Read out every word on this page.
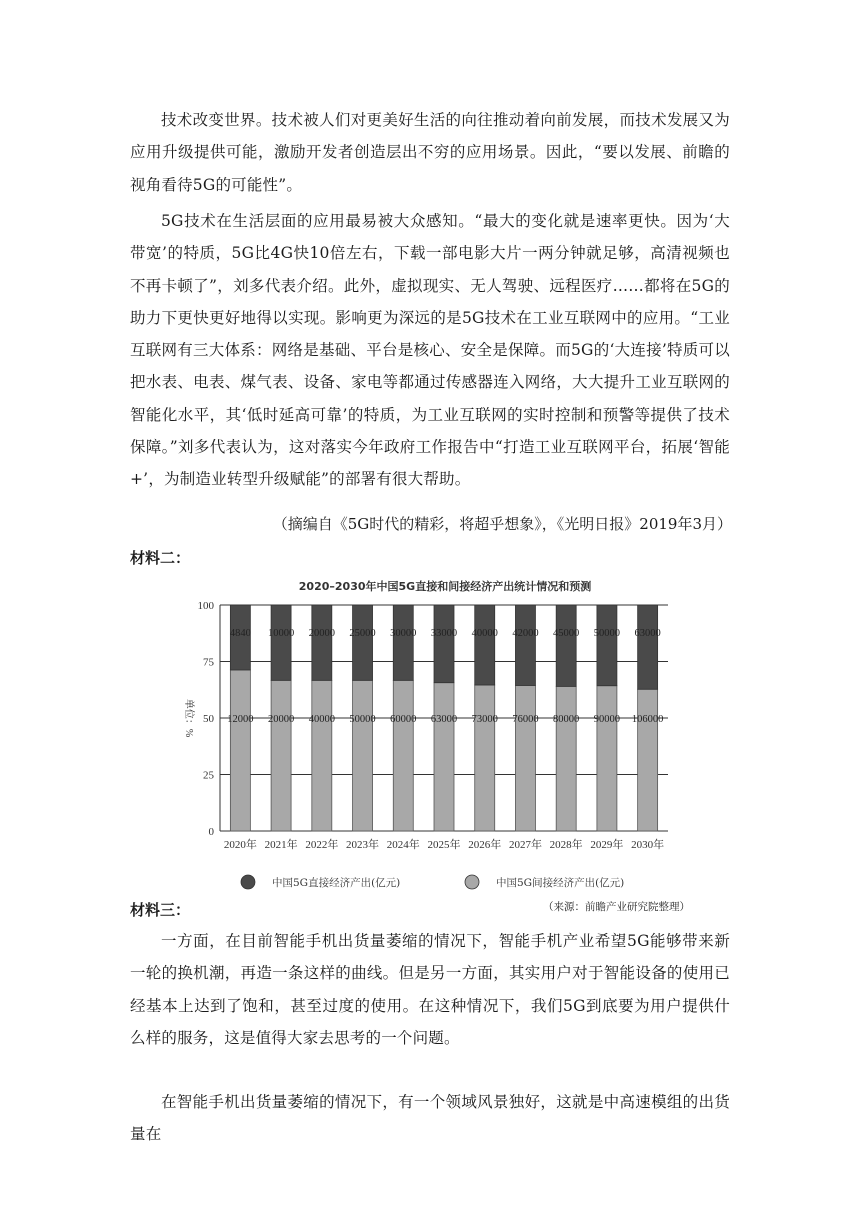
技术改变世界。技术被人们对更美好生活的向往推动着向前发展，而技术发展又为应用升级提供可能，激励开发者创造层出不穷的应用场景。因此，“要以发展、前瞻的视角看待5G的可能性”。

5G技术在生活层面的应用最易被大众感知。“最大的变化就是速率更快。因为‘大带宽’的特质，5G比4G快10倍左右，下载一部电影大片一两分钟就足够，高清视频也不再卡顿了”，刘多代表介绍。此外，虚拟现实、无人驾驶、远程医疗……都将在5G的助力下更快更好地得以实现。影响更为深远的是5G技术在工业互联网中的应用。“工业互联网有三大体系：网络是基础、平台是核心、安全是保障。而5G的‘大连接’特质可以把水表、电表、煤气表、设备、家电等都通过传感器连入网络，大大提升工业互联网的智能化水平，其‘低时延高可靠’的特质，为工业互联网的实时控制和预警等提供了技术保障。”刘多代表认为，这对落实今年政府工作报告中“打造工业互联网平台，拓展‘智能+’，为制造业转型升级赋能”的部署有很大帮助。

（摘编自《5G时代的精彩，将超乎想象》，《光明日报》2019年3月）

材料二：

2020–2030年中国5G直接和间接经济产出统计情况和预测
12000
4840
20000
10000
40000
20000
50000
25000
60000
30000
63000
33000
73000
40000
76000
42000
80000
45000
90000
50000
106000
63000
0
25
50
75
100
2020年 2021年 2022年 2023年 2024年 2025年 2026年 2027年 2028年 2029年 2030年
单位：%
中国5G直接经济产出(亿元)	中国5G间接经济产出(亿元)
（来源：前瞻产业研究院整理）

材料三：

一方面，在目前智能手机出货量萎缩的情况下，智能手机产业希望5G能够带来新一轮的换机潮，再造一条这样的曲线。但是另一方面，其实用户对于智能设备的使用已经基本上达到了饱和，甚至过度的使用。在这种情况下，我们5G到底要为用户提供什么样的服务，这是值得大家去思考的一个问题。

在智能手机出货量萎缩的情况下，有一个领域风景独好，这就是中高速模组的出货量在
